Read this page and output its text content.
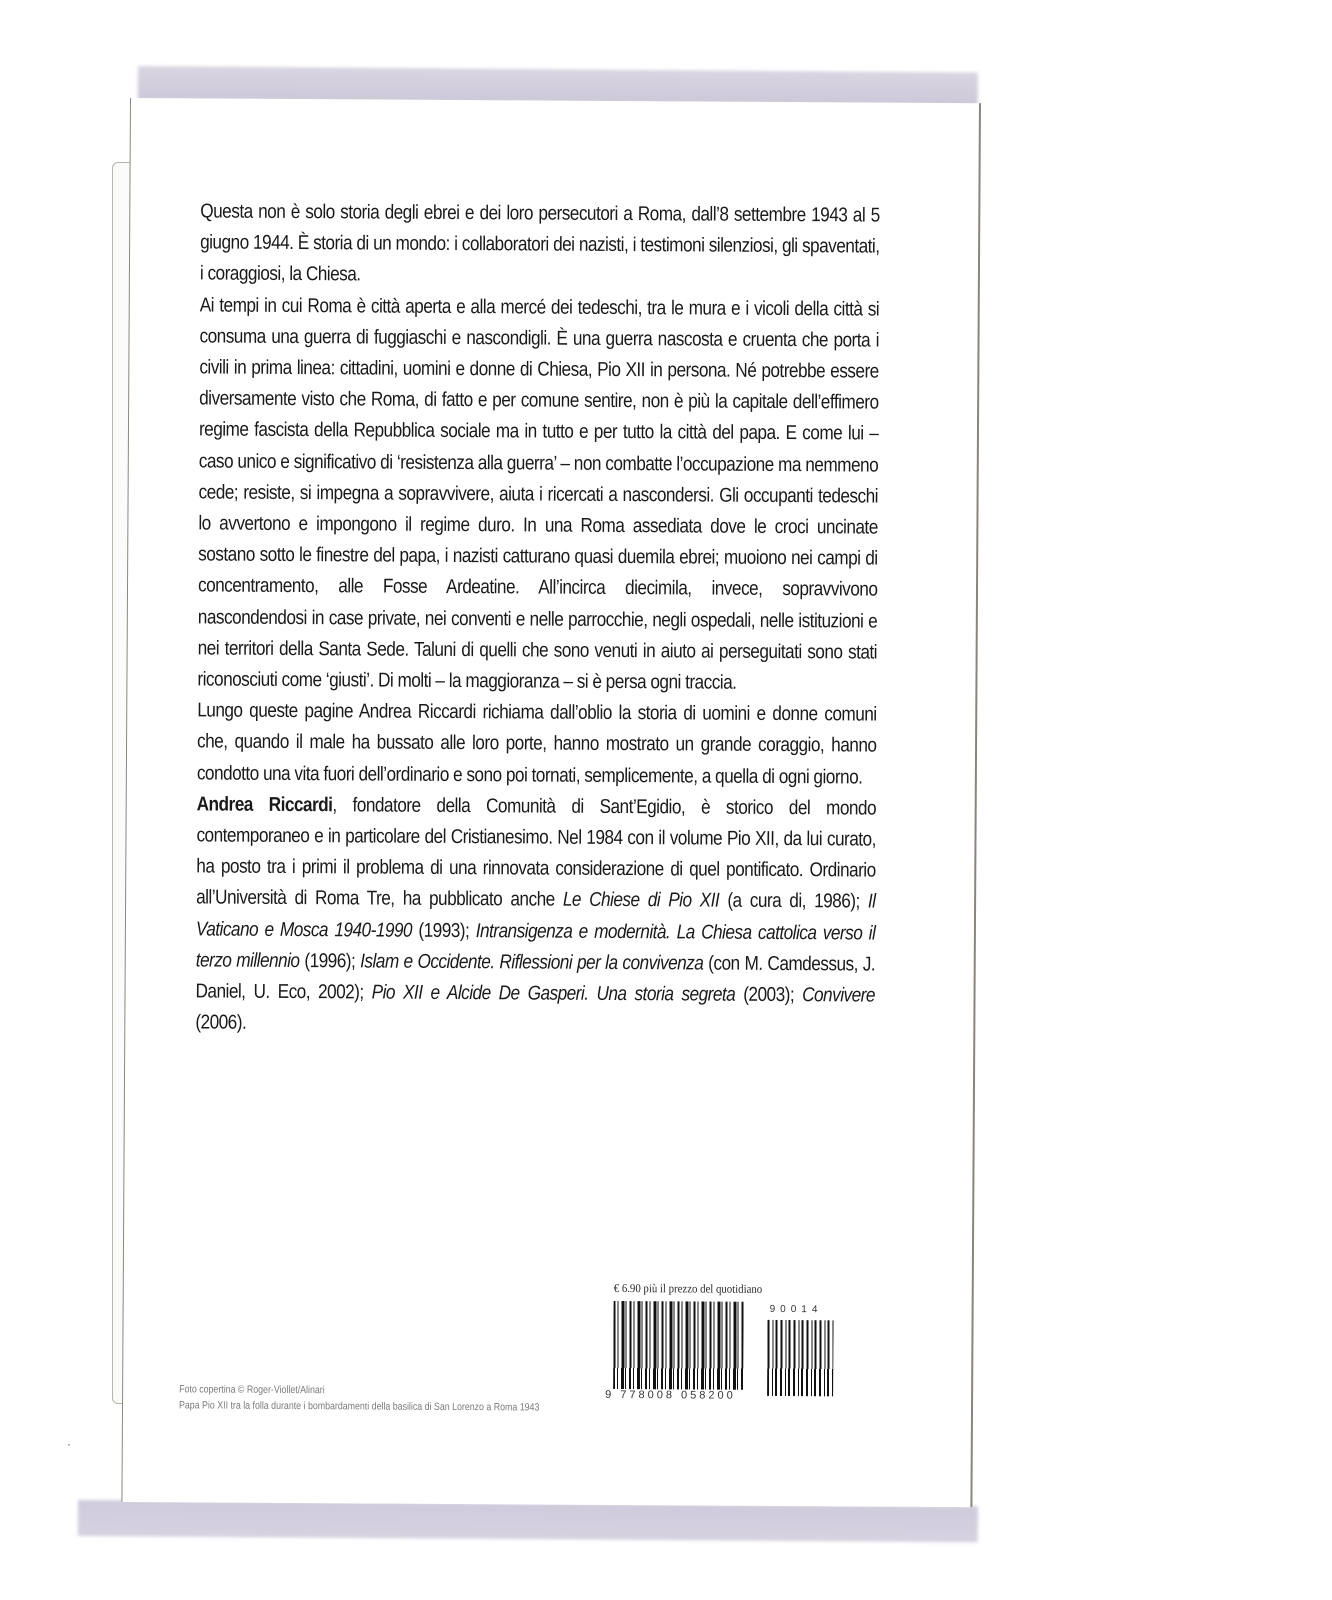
Questa non è solo storia degli ebrei e dei loro persecutori a Roma, dall’8 settembre 1943 al 5 giugno 1944. È storia di un mondo: i collaboratori dei nazisti, i testimoni silenziosi, gli spaventati, i coraggiosi, la Chiesa.

Ai tempi in cui Roma è città aperta e alla mercé dei tedeschi, tra le mura e i vicoli della città si consuma una guerra di fuggiaschi e nascondigli. È una guerra nascosta e cruenta che porta i civili in prima linea: cittadini, uomini e donne di Chiesa, Pio XII in persona. Né potrebbe essere diversamente visto che Roma, di fatto e per comune sentire, non è più la capitale dell’effimero regime fascista della Repubblica sociale ma in tutto e per tutto la città del papa. E come lui – caso unico e significativo di ‘resistenza alla guerra’ – non combatte l’occupazione ma nemmeno cede; resiste, si impegna a sopravvivere, aiuta i ricercati a nascondersi. Gli occupanti tedeschi lo avvertono e impongono il regime duro. In una Roma assediata dove le croci uncinate sostano sotto le finestre del papa, i nazisti catturano quasi duemila ebrei; muoiono nei campi di concentramento, alle Fosse Ardeatine. All’incirca diecimila, invece, sopravvivono nascondendosi in case private, nei conventi e nelle parrocchie, negli ospedali, nelle istituzioni e nei territori della Santa Sede. Taluni di quelli che sono venuti in aiuto ai perseguitati sono stati riconosciuti come ‘giusti’. Di molti – la maggioranza – si è persa ogni traccia.

Lungo queste pagine Andrea Riccardi richiama dall’oblio la storia di uomini e donne comuni che, quando il male ha bussato alle loro porte, hanno mostrato un grande coraggio, hanno condotto una vita fuori dell’ordinario e sono poi tornati, semplicemente, a quella di ogni giorno.

Andrea Riccardi, fondatore della Comunità di Sant’Egidio, è storico del mondo contemporaneo e in particolare del Cristianesimo. Nel 1984 con il volume Pio XII, da lui curato, ha posto tra i primi il problema di una rinnovata considerazione di quel pontificato. Ordinario all’Università di Roma Tre, ha pubblicato anche Le Chiese di Pio XII (a cura di, 1986); Il Vaticano e Mosca 1940-1990 (1993); Intransigenza e modernità. La Chiesa cattolica verso il terzo millennio (1996); Islam e Occidente. Riflessioni per la convivenza (con M. Camdessus, J. Daniel, U. Eco, 2002); Pio XII e Alcide De Gasperi. Una storia segreta (2003); Convivere (2006).

Foto copertina © Roger-Viollet/Alinari
Papa Pio XII tra la folla durante i bombardamenti della basilica di San Lorenzo a Roma 1943
€ 6.90 più il prezzo del quotidiano
90014
9 778008 058200
